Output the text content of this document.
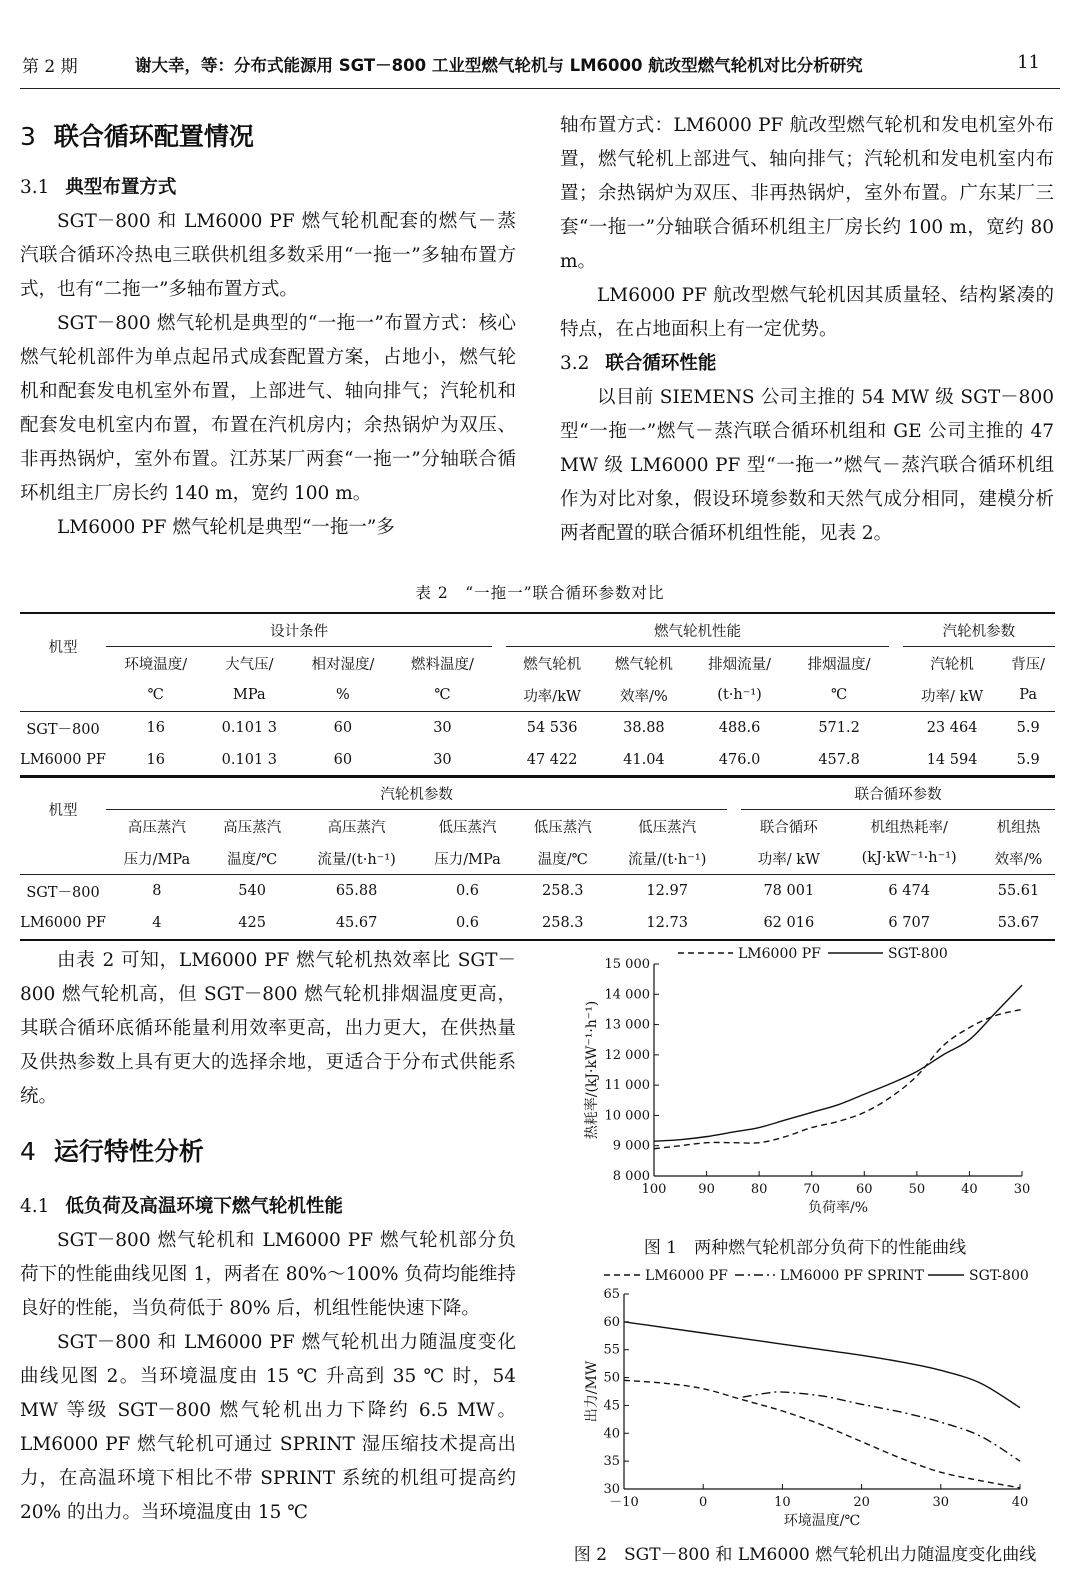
第 2 期	谢大幸，等：分布式能源用 SGT－800 工业型燃气轮机与 LM6000 航改型燃气轮机对比分析研究	11
3 联合循环配置情况
3.1 典型布置方式

SGT－800 和 LM6000 PF 燃气轮机配套的燃气－蒸汽联合循环冷热电三联供机组多数采用“一拖一”多轴布置方式，也有“二拖一”多轴布置方式。

SGT－800 燃气轮机是典型的“一拖一”布置方式：核心燃气轮机部件为单点起吊式成套配置方案，占地小，燃气轮机和配套发电机室外布置，上部进气、轴向排气；汽轮机和配套发电机室内布置，布置在汽机房内；余热锅炉为双压、非再热锅炉，室外布置。江苏某厂两套“一拖一”分轴联合循环机组主厂房长约 140 m，宽约 100 m。

LM6000 PF 燃气轮机是典型“一拖一”多

轴布置方式：LM6000 PF 航改型燃气轮机和发电机室外布置，燃气轮机上部进气、轴向排气；汽轮机和发电机室内布置；余热锅炉为双压、非再热锅炉，室外布置。广东某厂三套“一拖一”分轴联合循环机组主厂房长约 100 m，宽约 80 m。

LM6000 PF 航改型燃气轮机因其质量轻、结构紧凑的特点，在占地面积上有一定优势。

3.2 联合循环性能

以目前 SIEMENS 公司主推的 54 MW 级 SGT－800 型“一拖一”燃气－蒸汽联合循环机组和 GE 公司主推的 47 MW 级 LM6000 PF 型“一拖一”燃气－蒸汽联合循环机组作为对比对象，假设环境参数和天然气成分相同，建模分析两者配置的联合循环机组性能，见表 2。

表 2　“一拖一”联合循环参数对比
机型	设计条件					燃气轮机性能					汽轮机参数	
	环境温度/	大气压/	相对湿度/	燃料温度/		燃气轮机	燃气轮机	排烟流量/	排烟温度/		汽轮机	背压/
	℃	MPa	%	℃		功率/kW	效率/%	(t·h⁻¹)	℃		功率/ kW	Pa
SGT－800	16	0.101 3	60	30		54 536	38.88	488.6	571.2		23 464	5.9
LM6000 PF	16	0.101 3	60	30		47 422	41.04	476.0	457.8		14 594	5.9
机型	汽轮机参数							联合循环参数		
	高压蒸汽	高压蒸汽	高压蒸汽	低压蒸汽	低压蒸汽	低压蒸汽		联合循环	机组热耗率/	机组热
	压力/MPa	温度/℃	流量/(t·h⁻¹)	压力/MPa	温度/℃	流量/(t·h⁻¹)		功率/ kW	(kJ·kW⁻¹·h⁻¹)	效率/%
SGT－800	8	540	65.88	0.6	258.3	12.97		78 001	6 474	55.61
LM6000 PF	4	425	45.67	0.6	258.3	12.73		62 016	6 707	53.67

由表 2 可知，LM6000 PF 燃气轮机热效率比 SGT－800 燃气轮机高，但 SGT－800 燃气轮机排烟温度更高，其联合循环底循环能量利用效率更高，出力更大，在供热量及供热参数上具有更大的选择余地，更适合于分布式供能系统。

4 运行特性分析
4.1 低负荷及高温环境下燃气轮机性能

SGT－800 燃气轮机和 LM6000 PF 燃气轮机部分负荷下的性能曲线见图 1，两者在 80%～100% 负荷均能维持良好的性能，当负荷低于 80% 后，机组性能快速下降。

SGT－800 和 LM6000 PF 燃气轮机出力随温度变化曲线见图 2。当环境温度由 15 ℃ 升高到 35 ℃ 时，54 MW 等级 SGT－800 燃气轮机出力下降约 6.5 MW。LM6000 PF 燃气轮机可通过 SPRINT 湿压缩技术提高出力，在高温环境下相比不带 SPRINT 系统的机组可提高约 20% 的出力。当环境温度由 15 ℃

100 90	80	70	60	50	40	30
8 000
9 000
10 000
11 000
12 000
13 000
14 000
15 000
负荷率/%
热耗率/(kJ·kW⁻¹·h⁻¹)
LM6000 PF	SGT-800
图 1　两种燃气轮机部分负荷下的性能曲线
－10	0	10	20	30	40
30
35
40
45
50
55
60
65
环境温度/℃
出力/MW
LM6000 PF	LM6000 PF SPRINT	SGT-800
图 2　SGT－800 和 LM6000 燃气轮机出力随温度变化曲线
